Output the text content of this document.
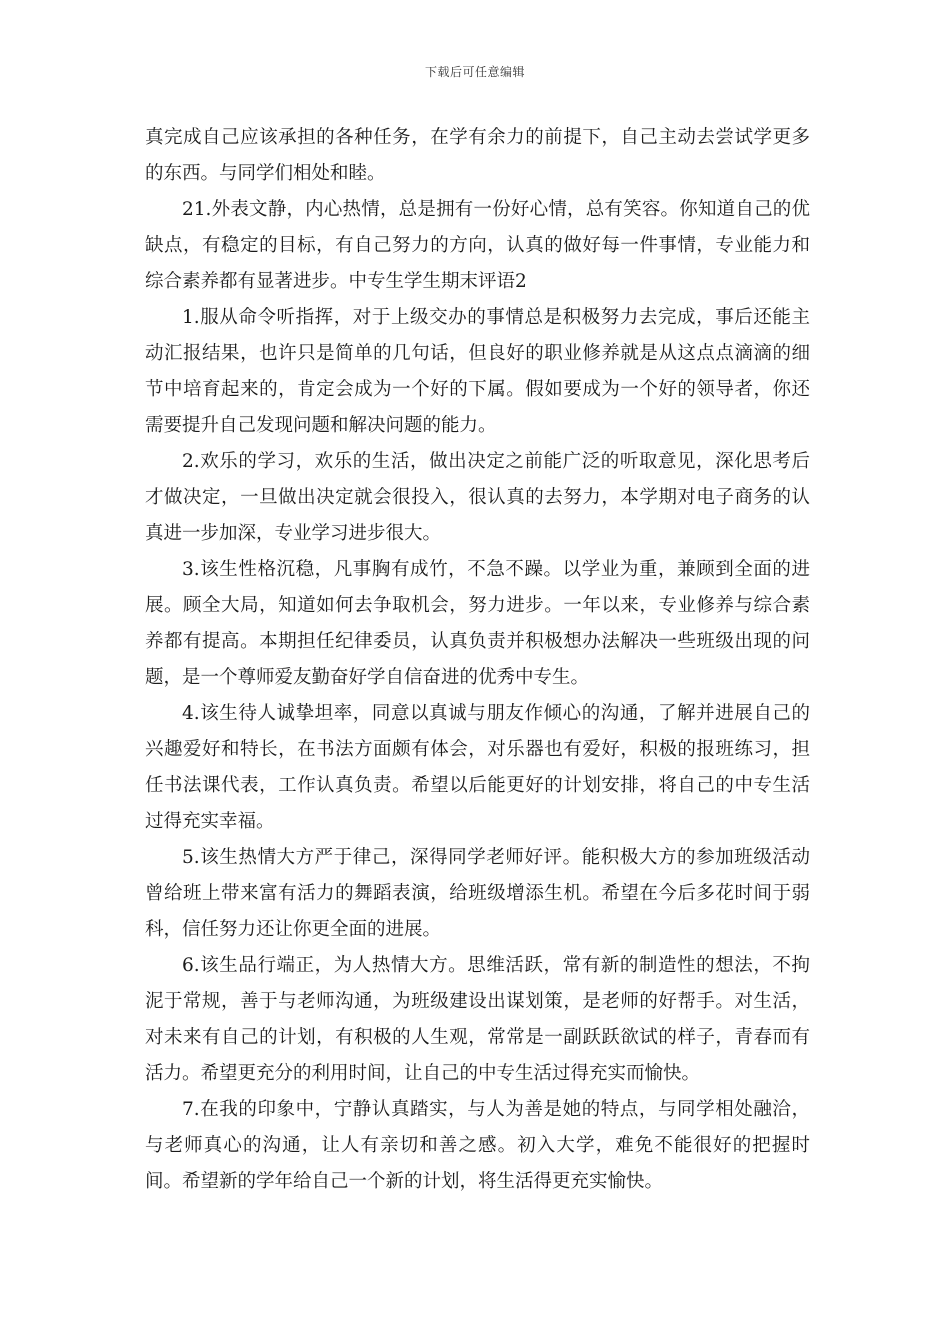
下载后可任意编辑

真完成自己应该承担的各种任务，在学有余力的前提下，自己主动去尝试学更多的东西。与同学们相处和睦。

21.外表文静，内心热情，总是拥有一份好心情，总有笑容。你知道自己的优缺点，有稳定的目标，有自己努力的方向，认真的做好每一件事情，专业能力和综合素养都有显著进步。中专生学生期末评语2

1.服从命令听指挥，对于上级交办的事情总是积极努力去完成，事后还能主动汇报结果，也许只是简单的几句话，但良好的职业修养就是从这点点滴滴的细节中培育起来的，肯定会成为一个好的下属。假如要成为一个好的领导者，你还需要提升自己发现问题和解决问题的能力。

2.欢乐的学习，欢乐的生活，做出决定之前能广泛的听取意见，深化思考后才做决定，一旦做出决定就会很投入，很认真的去努力，本学期对电子商务的认真进一步加深，专业学习进步很大。

3.该生性格沉稳，凡事胸有成竹，不急不躁。以学业为重，兼顾到全面的进展。顾全大局，知道如何去争取机会，努力进步。一年以来，专业修养与综合素养都有提高。本期担任纪律委员，认真负责并积极想办法解决一些班级出现的问题，是一个尊师爱友勤奋好学自信奋进的优秀中专生。

4.该生待人诚挚坦率，同意以真诚与朋友作倾心的沟通，了解并进展自己的兴趣爱好和特长，在书法方面颇有体会，对乐器也有爱好，积极的报班练习，担任书法课代表，工作认真负责。希望以后能更好的计划安排，将自己的中专生活过得充实幸福。

5.该生热情大方严于律己，深得同学老师好评。能积极大方的参加班级活动曾给班上带来富有活力的舞蹈表演，给班级增添生机。希望在今后多花时间于弱科，信任努力还让你更全面的进展。

6.该生品行端正，为人热情大方。思维活跃，常有新的制造性的想法，不拘泥于常规，善于与老师沟通，为班级建设出谋划策，是老师的好帮手。对生活，对未来有自己的计划，有积极的人生观，常常是一副跃跃欲试的样子，青春而有活力。希望更充分的利用时间，让自己的中专生活过得充实而愉快。

7.在我的印象中，宁静认真踏实，与人为善是她的特点，与同学相处融洽，与老师真心的沟通，让人有亲切和善之感。初入大学，难免不能很好的把握时间。希望新的学年给自己一个新的计划，将生活得更充实愉快。
